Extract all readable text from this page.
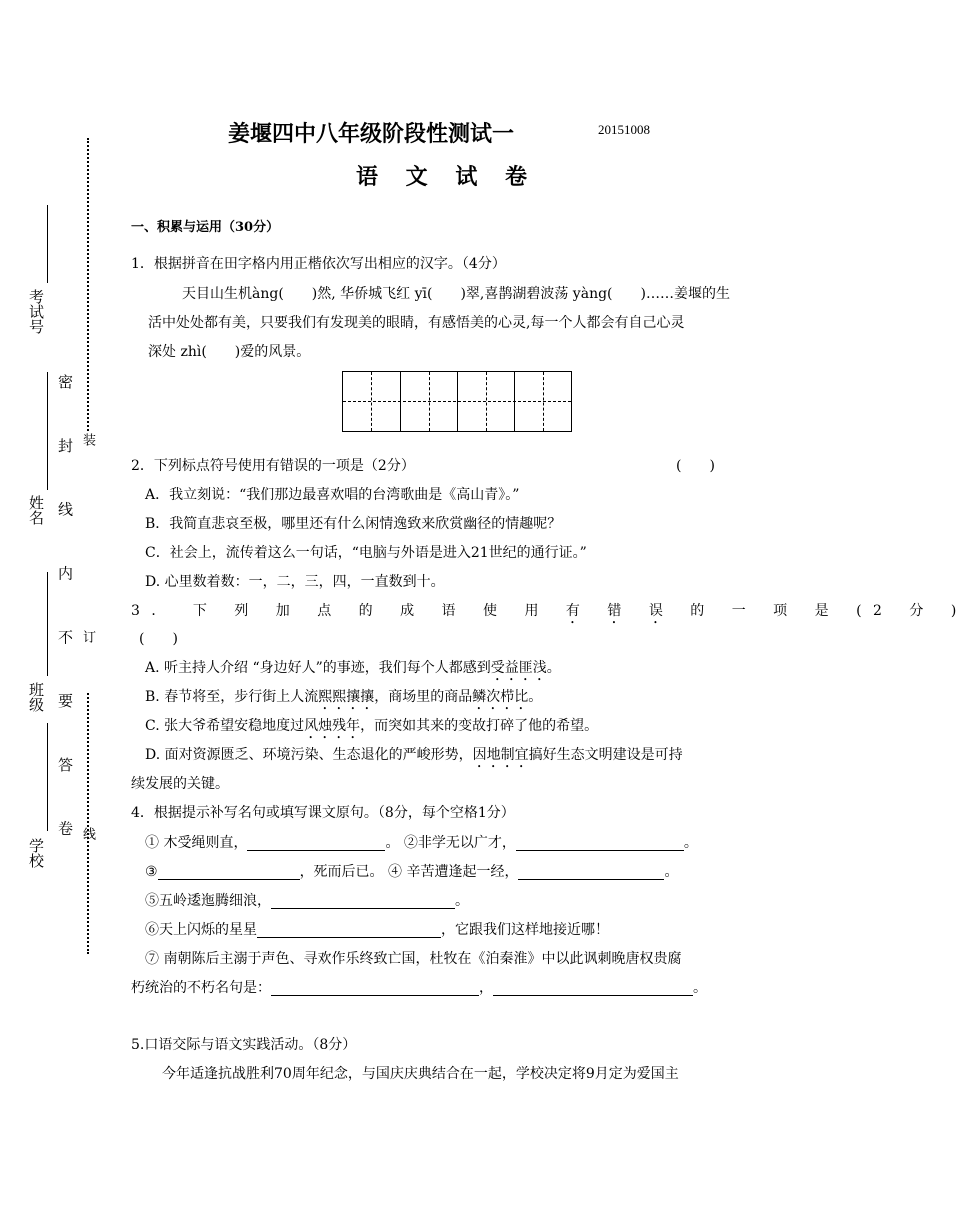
考试号
姓名
班级
学校 密 封 线 内 不 要 答 卷 装 订 线
姜堰四中八年级阶段性测试一	20151008
语 文 试 卷
一、积累与运用（30分）
1．根据拼音在田字格内用正楷依次写出相应的汉字。（4分）
天目山生机àng(　　)然, 华侨城飞红 yī(　　)翠,喜鹊湖碧波荡 yàng(　　)……姜堰的生
活中处处都有美，只要我们有发现美的眼睛，有感悟美的心灵,每一个人都会有自己心灵
深处 zhì(　　)爱的风景。
2．下列标点符号使用有错误的一项是（2分）	(　　)
A．我立刻说：“我们那边最喜欢唱的台湾歌曲是《高山青》。”
B．我简直悲哀至极，哪里还有什么闲情逸致来欣赏幽径的情趣呢？
C．社会上，流传着这么一句话，“电脑与外语是进入21世纪的通行证。”
D. 心里数着数：一，二，三，四，一直数到十。
3． 下 列 加 点 的 成 语 使 用 有 错 误 的 一 项 是 (2 分 )
(　　)
A. 听主持人介绍 “身边好人”的事迹，我们每个人都感到受益匪浅。
B. 春节将至，步行街上人流熙熙攘攘，商场里的商品鳞次栉比。
C. 张大爷希望安稳地度过风烛残年，而突如其来的变故打碎了他的希望。
D. 面对资源匮乏、环境污染、生态退化的严峻形势，因地制宜搞好生态文明建设是可持
续发展的关键。
4．根据提示补写名句或填写课文原句。（8分，每个空格1分）
① 木受绳则直，	。 ②非学无以广才，	。
③	，死而后已。 ④ 辛苦遭逢起一经，	。
⑤五岭逶迤腾细浪，	。
⑥天上闪烁的星星	，它跟我们这样地接近哪！
⑦ 南朝陈后主溺于声色、寻欢作乐终致亡国，杜牧在《泊秦淮》中以此讽刺晚唐权贵腐
朽统治的不朽名句是：	，	。
5.口语交际与语文实践活动。（8分）
今年适逢抗战胜利70周年纪念，与国庆庆典结合在一起，学校决定将9月定为爱国主
